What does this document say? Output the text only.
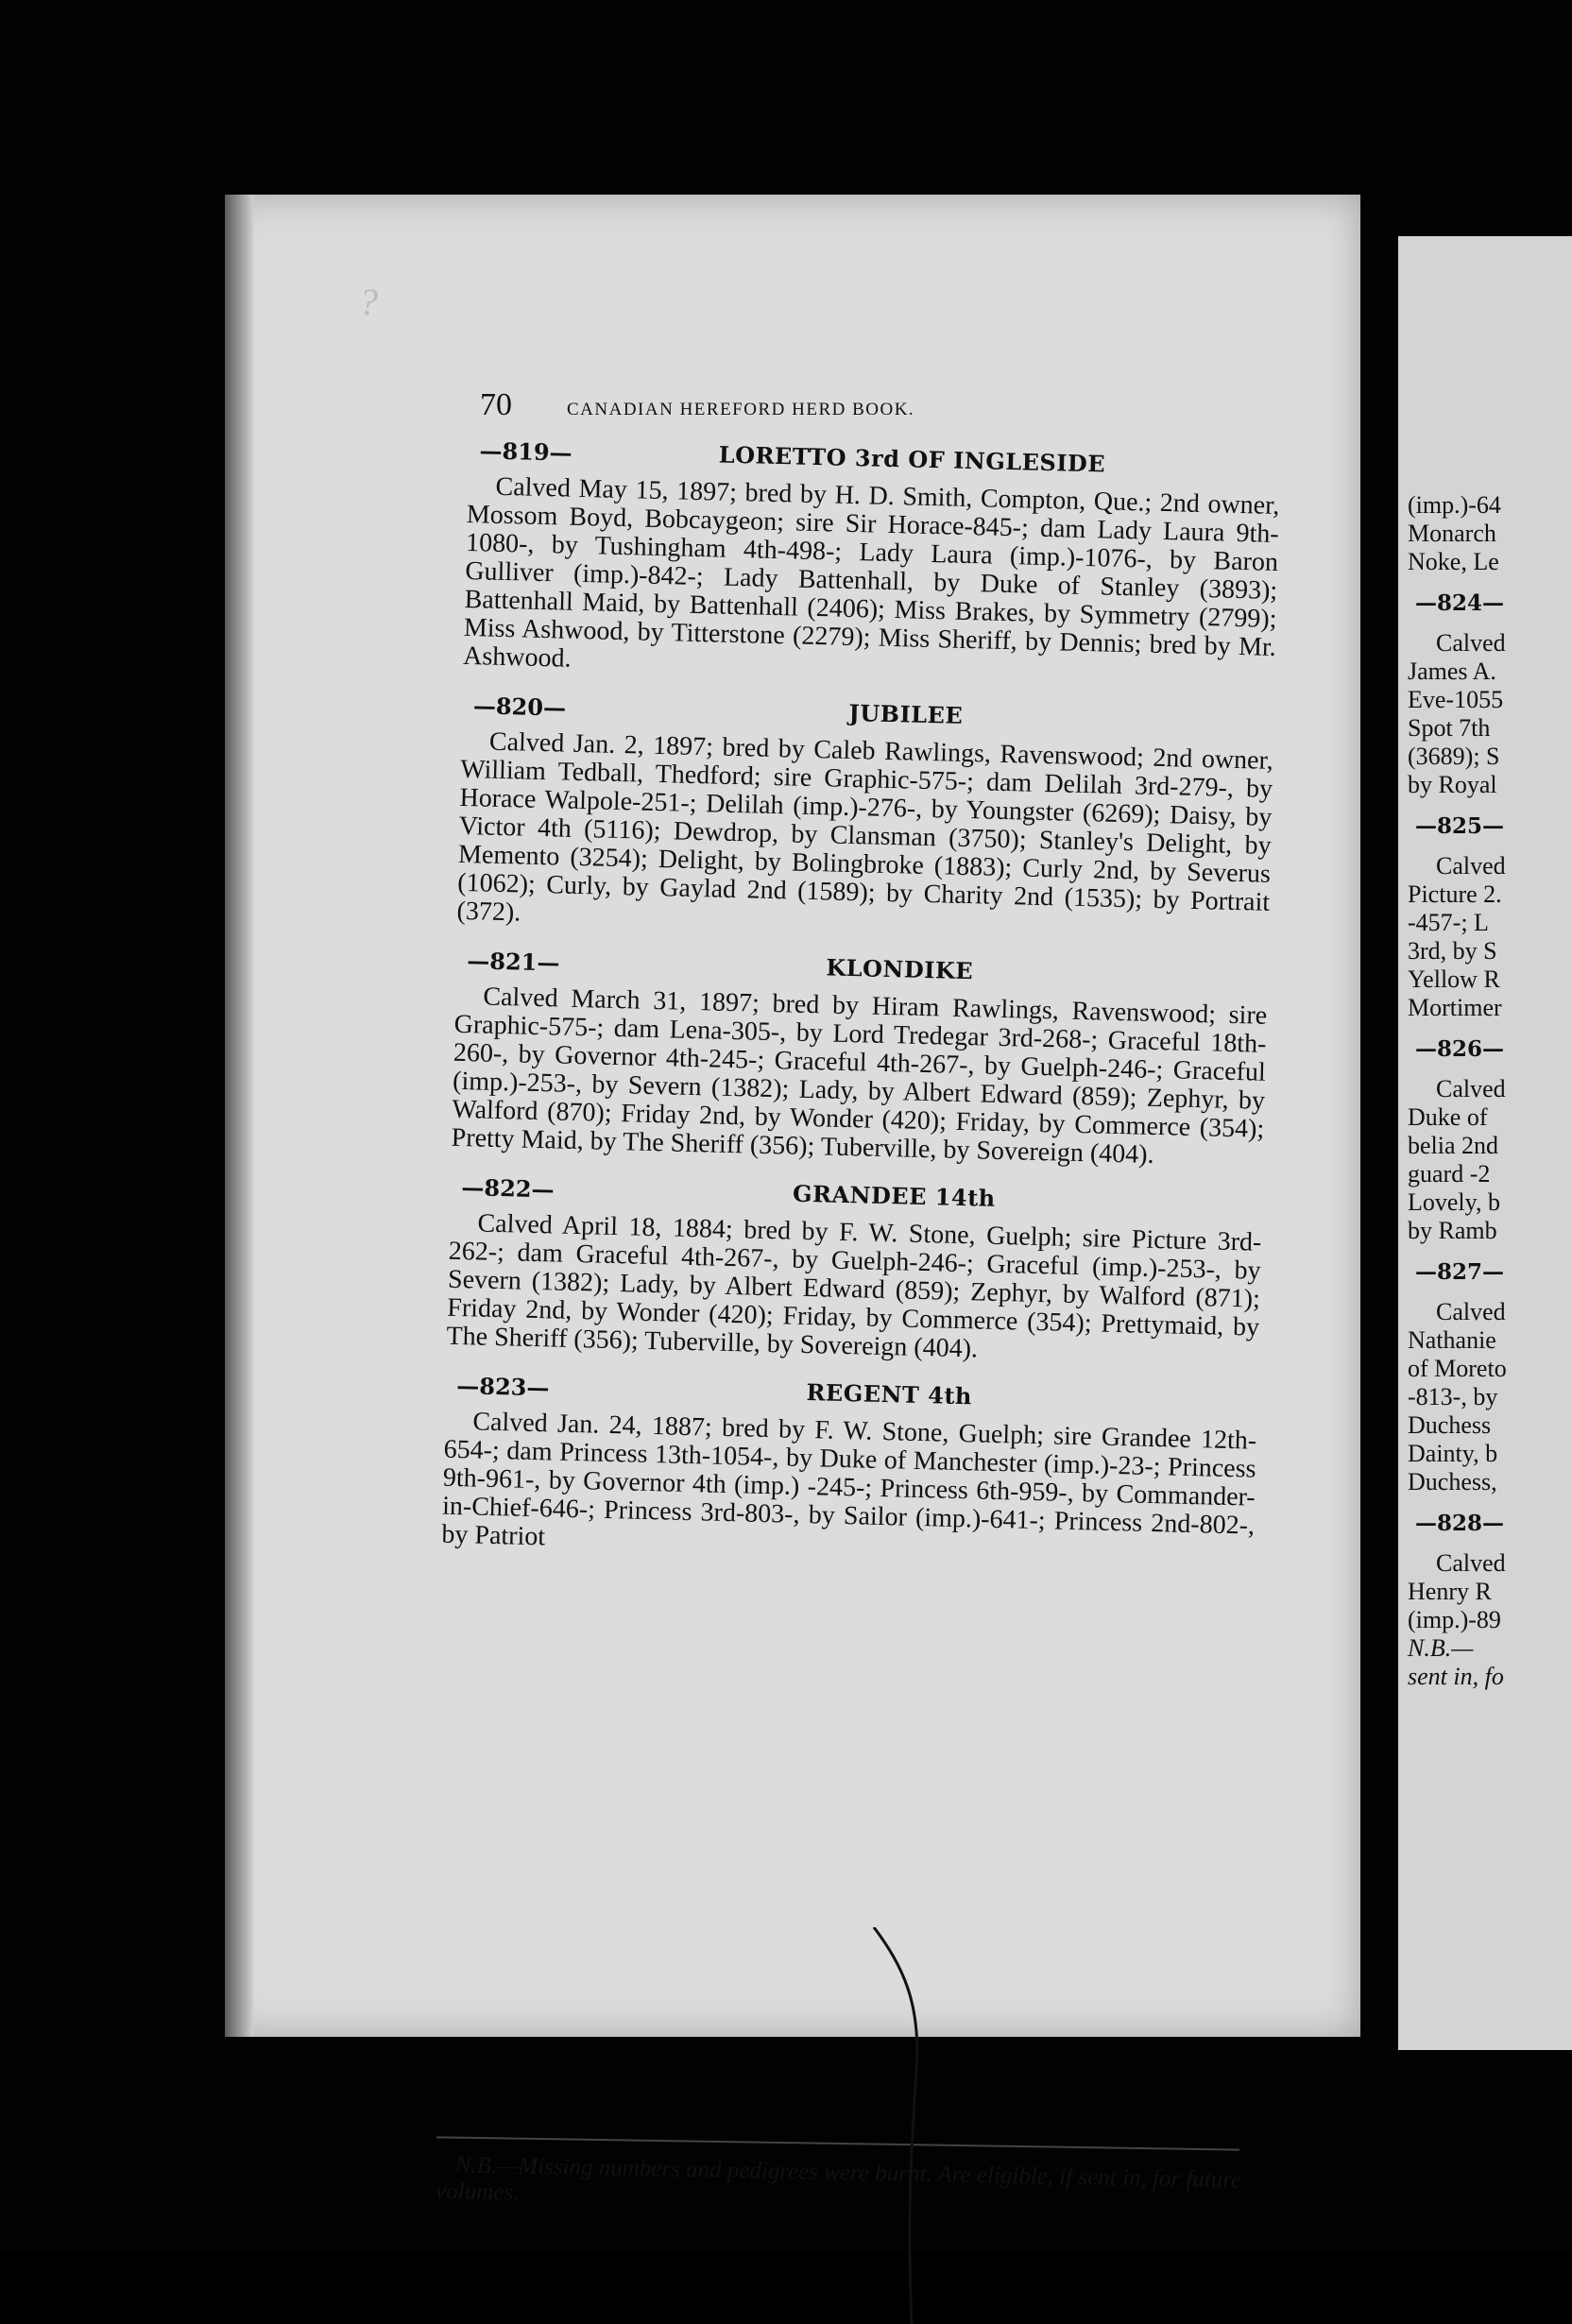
?
70	CANADIAN HEREFORD HERD BOOK.
—819—	LORETTO 3rd OF INGLESIDE

Calved May 15, 1897; bred by H. D. Smith, Compton, Que.; 2nd owner, Mossom Boyd, Bobcaygeon; sire Sir Horace-845-; dam Lady Laura 9th-1080-, by Tushingham 4th-498-; Lady Laura (imp.)-1076-, by Baron Gulliver (imp.)-842-; Lady Battenhall, by Duke of Stanley (3893); Battenhall Maid, by Battenhall (2406); Miss Brakes, by Symmetry (2799); Miss Ashwood, by Titterstone (2279); Miss Sheriff, by Dennis; bred by Mr. Ashwood.

—820—	JUBILEE

Calved Jan. 2, 1897; bred by Caleb Rawlings, Ravenswood; 2nd owner, William Tedball, Thedford; sire Graphic-575-; dam Delilah 3rd-279-, by Horace Walpole-251-; Delilah (imp.)-276-, by Youngster (6269); Daisy, by Victor 4th (5116); Dewdrop, by Clansman (3750); Stanley's Delight, by Memento (3254); Delight, by Bolingbroke (1883); Curly 2nd, by Severus (1062); Curly, by Gaylad 2nd (1589); by Charity 2nd (1535); by Portrait (372).

—821—	KLONDIKE

Calved March 31, 1897; bred by Hiram Rawlings, Ravenswood; sire Graphic-575-; dam Lena-305-, by Lord Tredegar 3rd-268-; Graceful 18th-260-, by Governor 4th-245-; Graceful 4th-267-, by Guelph-246-; Graceful (imp.)-253-, by Severn (1382); Lady, by Albert Edward (859); Zephyr, by Walford (870); Friday 2nd, by Wonder (420); Friday, by Commerce (354); Pretty Maid, by The Sheriff (356); Tuberville, by Sovereign (404).

—822—	GRANDEE 14th

Calved April 18, 1884; bred by F. W. Stone, Guelph; sire Picture 3rd-262-; dam Graceful 4th-267-, by Guelph-246-; Graceful (imp.)-253-, by Severn (1382); Lady, by Albert Edward (859); Zephyr, by Walford (871); Friday 2nd, by Wonder (420); Friday, by Commerce (354); Prettymaid, by The Sheriff (356); Tuberville, by Sovereign (404).

—823—	REGENT 4th

Calved Jan. 24, 1887; bred by F. W. Stone, Guelph; sire Grandee 12th-654-; dam Princess 13th-1054-, by Duke of Manchester (imp.)-23-; Princess 9th-961-, by Governor 4th (imp.) -245-; Princess 6th-959-, by Commander-in-Chief-646-; Princess 3rd-803-, by Sailor (imp.)-641-; Princess 2nd-802-, by Patriot

N.B.—Missing numbers and pedigrees were burnt. Are eligible, if sent in, for future volumes.
(imp.)-64
Monarch
Noke, Le
—824—
Calved
James A.
Eve-1055
Spot 7th
(3689); S
by Royal
—825—
Calved
Picture 2.
-457-; L
3rd, by S
Yellow R
Mortimer
—826—
Calved
Duke of
belia 2nd
guard -2
Lovely, b
by Ramb
—827—
Calved
Nathanie
of Moreto
-813-, by
Duchess
Dainty, b
Duchess,
—828—
Calved
Henry R
(imp.)-89
N.B.—
sent in, fo
